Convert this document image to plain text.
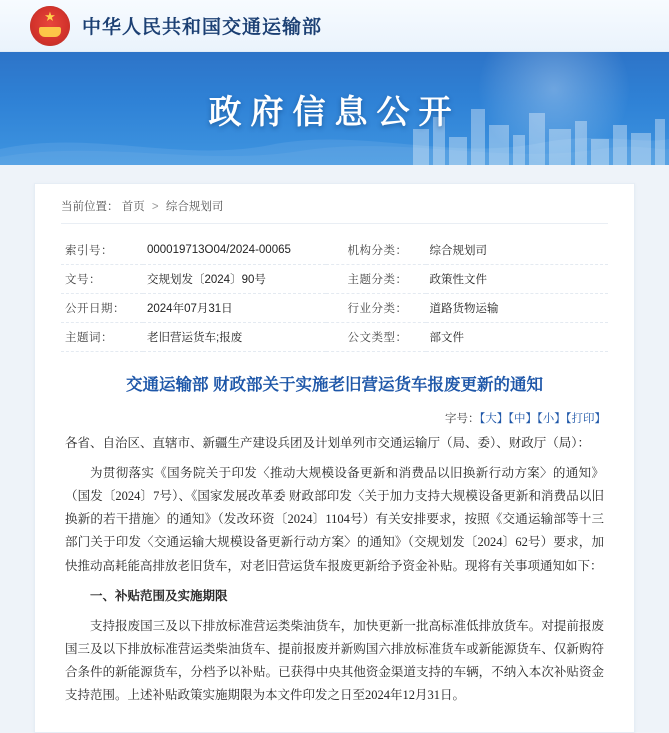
★
中华人民共和国交通运输部
政府信息公开
当前位置： 首页 > 综合规划司
索引号：	000019713O04/2024-00065	机构分类：	综合规划司
文号：	交规划发〔2024〕90号	主题分类：	政策性文件
公开日期：	2024年07月31日	行业分类：	道路货物运输
主题词：	老旧营运货车;报废	公文类型：	部文件
交通运输部 财政部关于实施老旧营运货车报废更新的通知
字号：【大】【中】【小】【打印】

各省、自治区、直辖市、新疆生产建设兵团及计划单列市交通运输厅（局、委）、财政厅（局）：

为贯彻落实《国务院关于印发〈推动大规模设备更新和消费品以旧换新行动方案〉的通知》（国发〔2024〕7号）、《国家发展改革委 财政部印发〈关于加力支持大规模设备更新和消费品以旧换新的若干措施〉的通知》（发改环资〔2024〕1104号）有关安排要求，按照《交通运输部等十三部门关于印发〈交通运输大规模设备更新行动方案〉的通知》（交规划发〔2024〕62号）要求，加快推动高耗能高排放老旧货车，对老旧营运货车报废更新给予资金补贴。现将有关事项通知如下：

一、补贴范围及实施期限

支持报废国三及以下排放标准营运类柴油货车，加快更新一批高标准低排放货车。对提前报废国三及以下排放标准营运类柴油货车、提前报废并新购国六排放标准货车或新能源货车、仅新购符合条件的新能源货车，分档予以补贴。已获得中央其他资金渠道支持的车辆，不纳入本次补贴资金支持范围。上述补贴政策实施期限为本文件印发之日至2024年12月31日。
